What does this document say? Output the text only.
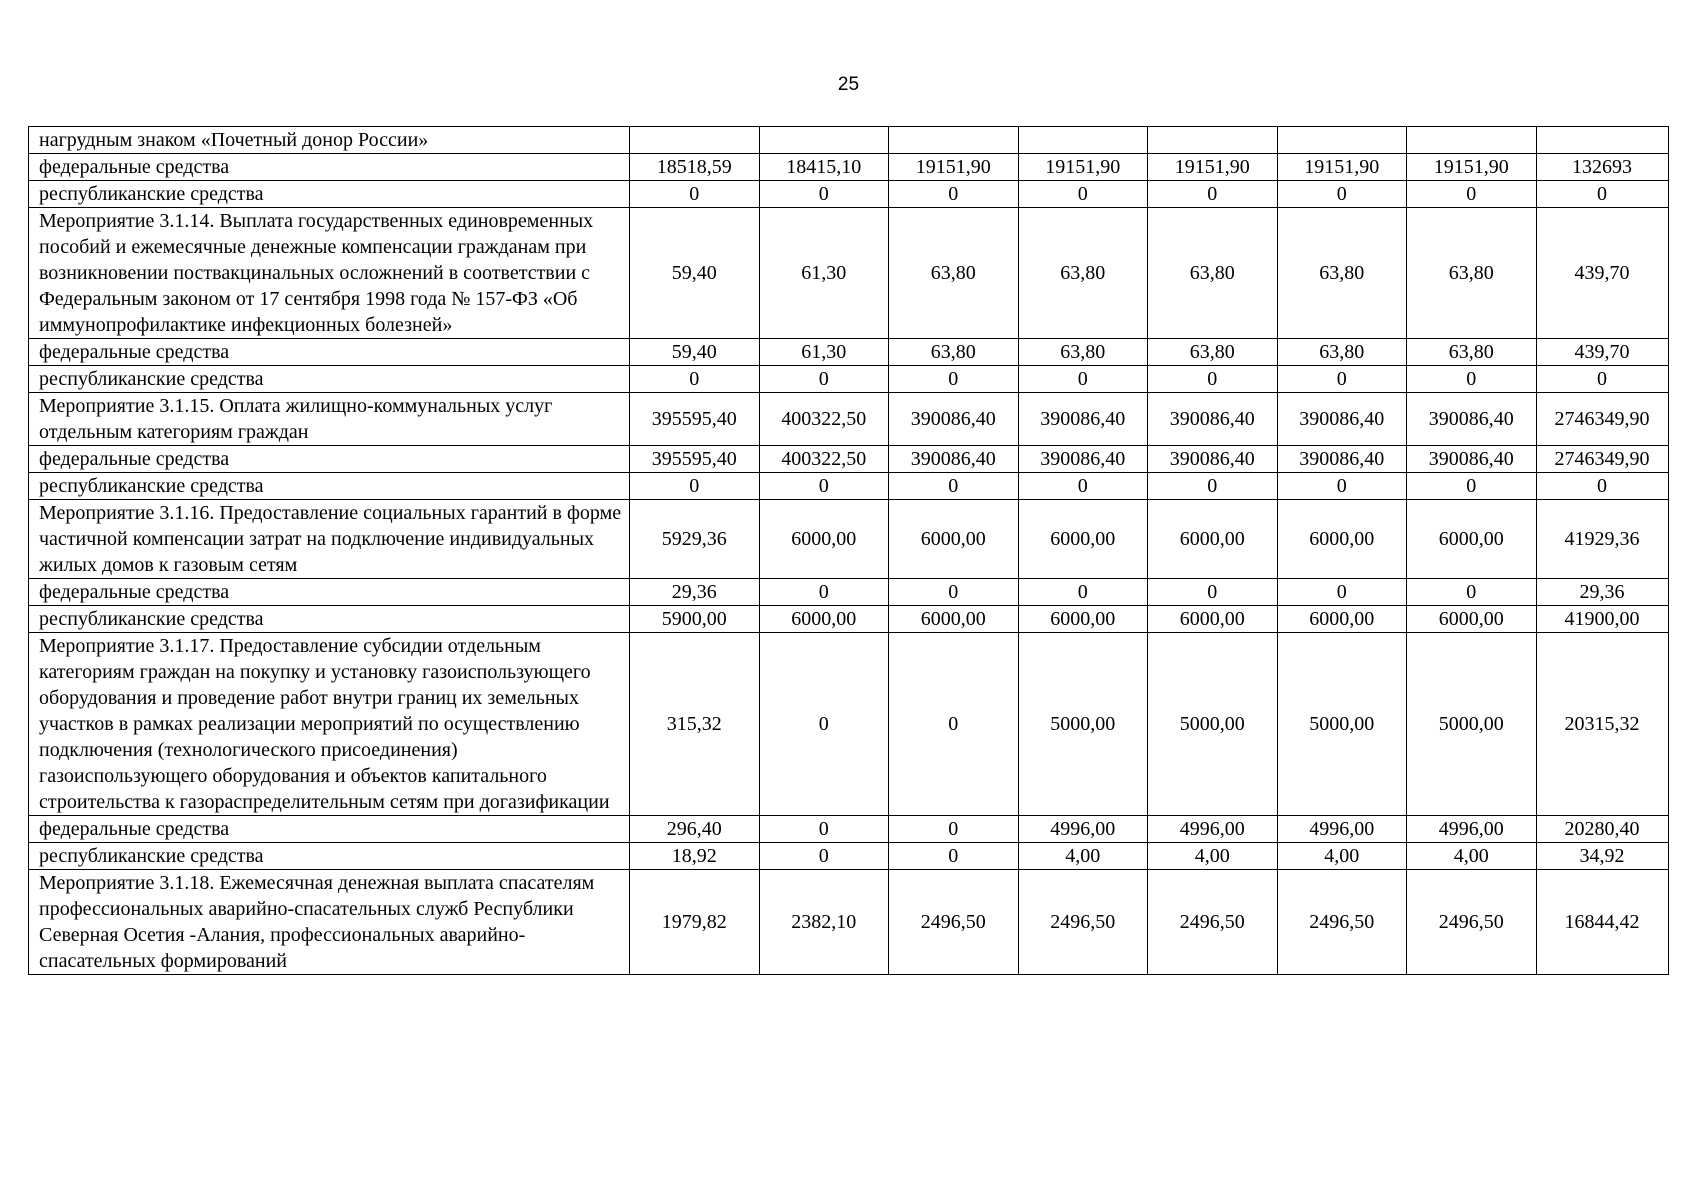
25
нагрудным знаком «Почетный донор России»								
федеральные средства	18518,59	18415,10	19151,90	19151,90	19151,90	19151,90	19151,90	132693
республиканские средства	0	0	0	0	0	0	0	0
Мероприятие 3.1.14. Выплата государственных единовременных пособий и ежемесячные денежные компенсации гражданам при возникновении поствакцинальных осложнений в соответствии с Федеральным законом от 17 сентября 1998 года № 157-ФЗ «Об иммунопрофилактике инфекционных болезней»	59,40	61,30	63,80	63,80	63,80	63,80	63,80	439,70
федеральные средства	59,40	61,30	63,80	63,80	63,80	63,80	63,80	439,70
республиканские средства	0	0	0	0	0	0	0	0
Мероприятие 3.1.15. Оплата жилищно-коммунальных услуг отдельным категориям граждан	395595,40	400322,50	390086,40	390086,40	390086,40	390086,40	390086,40	2746349,90
федеральные средства	395595,40	400322,50	390086,40	390086,40	390086,40	390086,40	390086,40	2746349,90
республиканские средства	0	0	0	0	0	0	0	0
Мероприятие 3.1.16. Предоставление социальных гарантий в форме частичной компенсации затрат на подключение индивидуальных жилых домов к газовым сетям	5929,36	6000,00	6000,00	6000,00	6000,00	6000,00	6000,00	41929,36
федеральные средства	29,36	0	0	0	0	0	0	29,36
республиканские средства	5900,00	6000,00	6000,00	6000,00	6000,00	6000,00	6000,00	41900,00
Мероприятие 3.1.17. Предоставление субсидии отдельным категориям граждан на покупку и установку газоиспользующего оборудования и проведение работ внутри границ их земельных участков в рамках реализации мероприятий по осуществлению подключения (технологического присоединения) газоиспользующего оборудования и объектов капитального строительства к газораспределительным сетям при догазификации	315,32	0	0	5000,00	5000,00	5000,00	5000,00	20315,32
федеральные средства	296,40	0	0	4996,00	4996,00	4996,00	4996,00	20280,40
республиканские средства	18,92	0	0	4,00	4,00	4,00	4,00	34,92
Мероприятие 3.1.18. Ежемесячная денежная выплата спасателям профессиональных аварийно-спасательных служб Республики Северная Осетия -Алания, профессиональных аварийно-спасательных формирований	1979,82	2382,10	2496,50	2496,50	2496,50	2496,50	2496,50	16844,42
